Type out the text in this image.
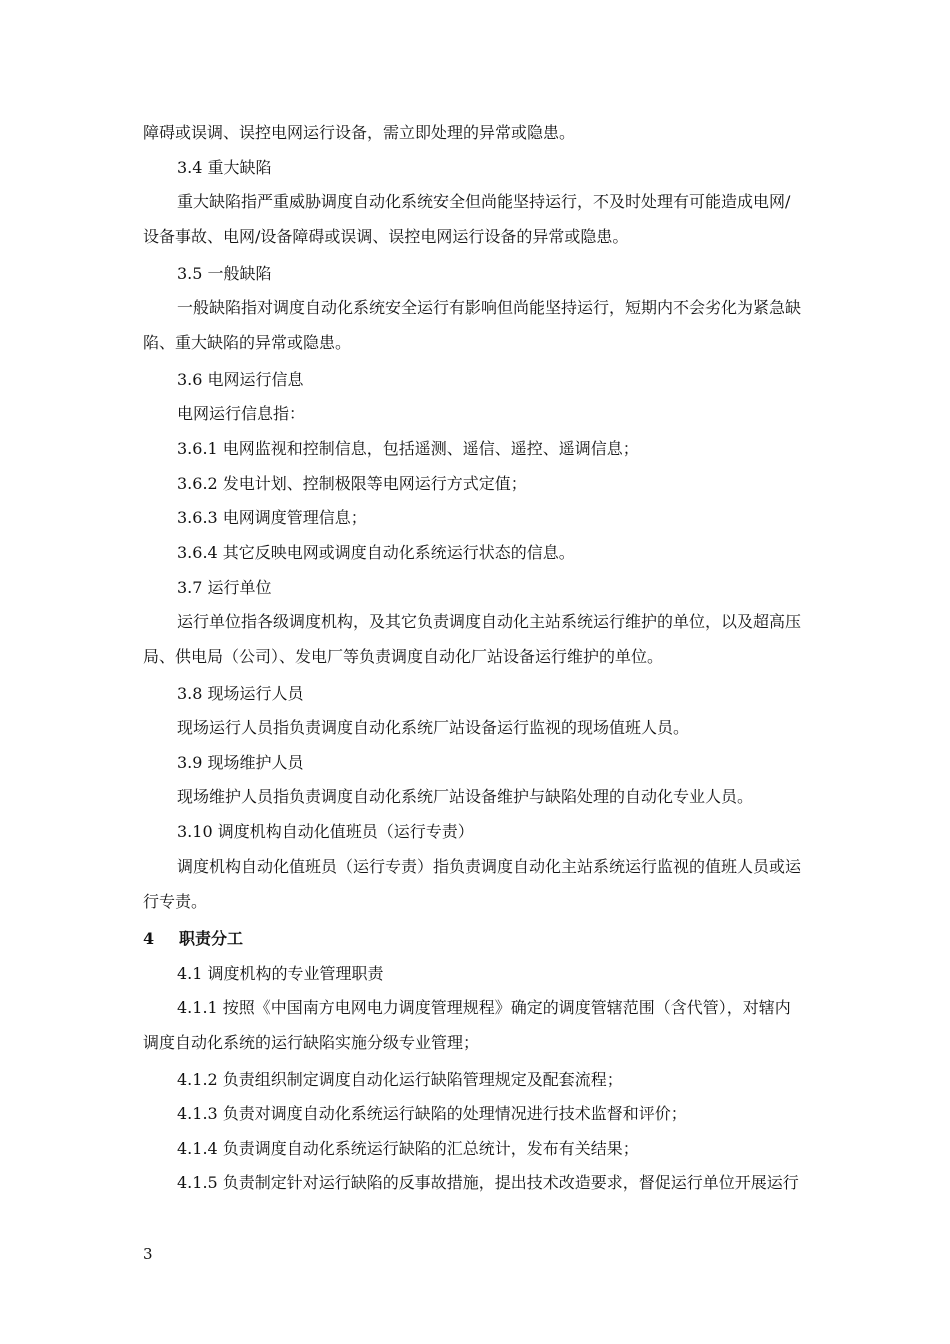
障碍或误调、误控电网运行设备，需立即处理的异常或隐患。
3.4 重大缺陷
重大缺陷指严重威胁调度自动化系统安全但尚能坚持运行，不及时处理有可能造成电网/
设备事故、电网/设备障碍或误调、误控电网运行设备的异常或隐患。
3.5 一般缺陷
一般缺陷指对调度自动化系统安全运行有影响但尚能坚持运行，短期内不会劣化为紧急缺
陷、重大缺陷的异常或隐患。
3.6 电网运行信息
电网运行信息指：
3.6.1 电网监视和控制信息，包括遥测、遥信、遥控、遥调信息；
3.6.2 发电计划、控制极限等电网运行方式定值；
3.6.3 电网调度管理信息；
3.6.4 其它反映电网或调度自动化系统运行状态的信息。
3.7 运行单位
运行单位指各级调度机构，及其它负责调度自动化主站系统运行维护的单位，以及超高压
局、供电局（公司）、发电厂等负责调度自动化厂站设备运行维护的单位。
3.8 现场运行人员
现场运行人员指负责调度自动化系统厂站设备运行监视的现场值班人员。
3.9 现场维护人员
现场维护人员指负责调度自动化系统厂站设备维护与缺陷处理的自动化专业人员。
3.10 调度机构自动化值班员（运行专责）
调度机构自动化值班员（运行专责）指负责调度自动化主站系统运行监视的值班人员或运
行专责。
4 职责分工
4.1 调度机构的专业管理职责
4.1.1 按照《中国南方电网电力调度管理规程》确定的调度管辖范围（含代管），对辖内
调度自动化系统的运行缺陷实施分级专业管理；
4.1.2 负责组织制定调度自动化运行缺陷管理规定及配套流程；
4.1.3 负责对调度自动化系统运行缺陷的处理情况进行技术监督和评价；
4.1.4 负责调度自动化系统运行缺陷的汇总统计，发布有关结果；
4.1.5 负责制定针对运行缺陷的反事故措施，提出技术改造要求，督促运行单位开展运行
3
